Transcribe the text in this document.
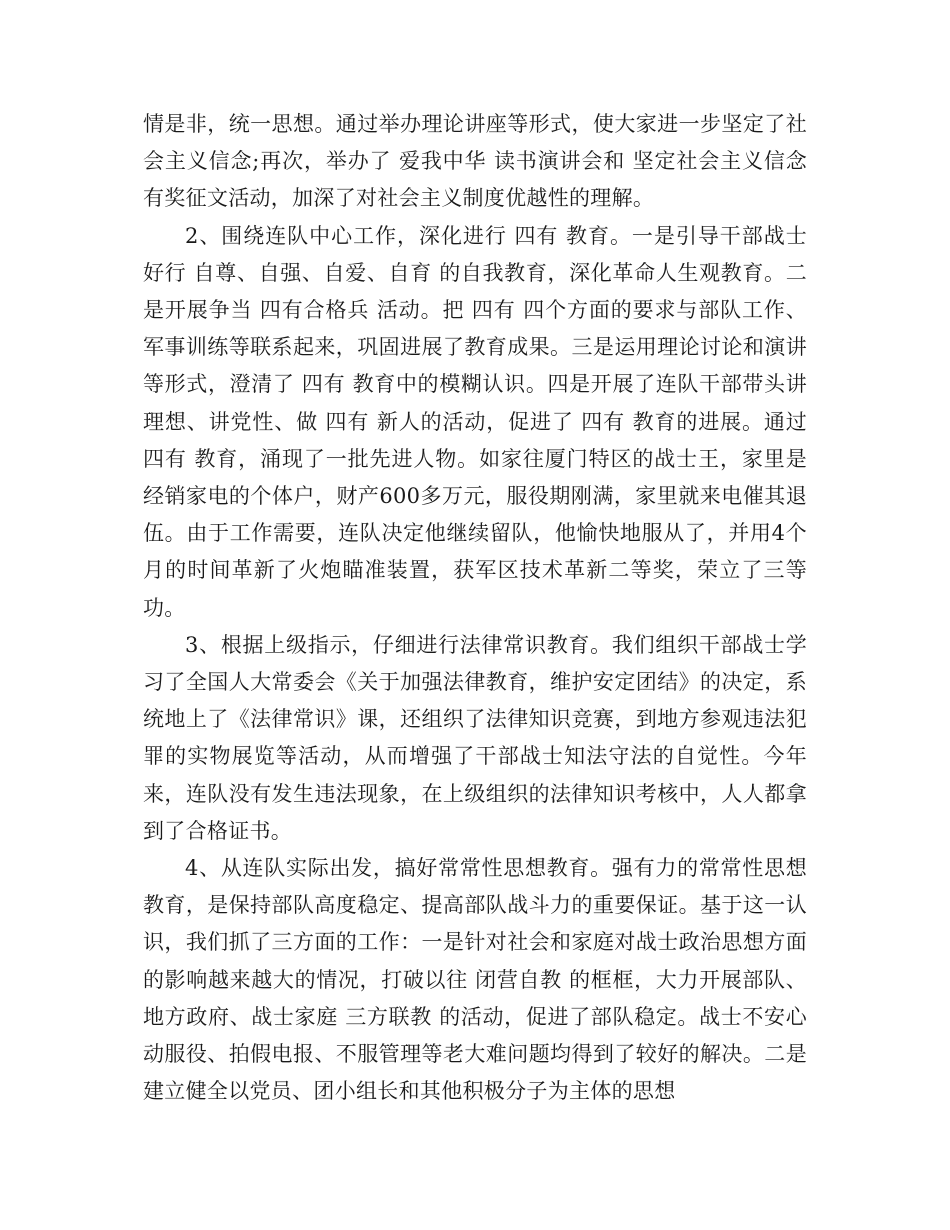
情是非，统一思想。通过举办理论讲座等形式，使大家进一步坚定了社会主义信念;再次，举办了 爱我中华 读书演讲会和 坚定社会主义信念 有奖征文活动，加深了对社会主义制度优越性的理解。

2、围绕连队中心工作，深化进行 四有 教育。一是引导干部战士好行 自尊、自强、自爱、自育 的自我教育，深化革命人生观教育。二是开展争当 四有合格兵 活动。把 四有 四个方面的要求与部队工作、军事训练等联系起来，巩固进展了教育成果。三是运用理论讨论和演讲等形式，澄清了 四有 教育中的模糊认识。四是开展了连队干部带头讲理想、讲党性、做 四有 新人的活动，促进了 四有 教育的进展。通过 四有 教育，涌现了一批先进人物。如家往厦门特区的战士王，家里是经销家电的个体户，财产600多万元，服役期刚满，家里就来电催其退伍。由于工作需要，连队决定他继续留队，他愉快地服从了，并用4个月的时间革新了火炮瞄准装置，获军区技术革新二等奖，荣立了三等功。

3、根据上级指示，仔细进行法律常识教育。我们组织干部战士学习了全国人大常委会《关于加强法律教育，维护安定团结》的决定，系统地上了《法律常识》课，还组织了法律知识竞赛，到地方参观违法犯罪的实物展览等活动，从而增强了干部战士知法守法的自觉性。今年来，连队没有发生违法现象，在上级组织的法律知识考核中，人人都拿到了合格证书。

4、从连队实际出发，搞好常常性思想教育。强有力的常常性思想教育，是保持部队高度稳定、提高部队战斗力的重要保证。基于这一认识，我们抓了三方面的工作：一是针对社会和家庭对战士政治思想方面的影响越来越大的情况，打破以往 闭营自教 的框框，大力开展部队、地方政府、战士家庭 三方联教 的活动，促进了部队稳定。战士不安心动服役、拍假电报、不服管理等老大难问题均得到了较好的解决。二是建立健全以党员、团小组长和其他积极分子为主体的思想
